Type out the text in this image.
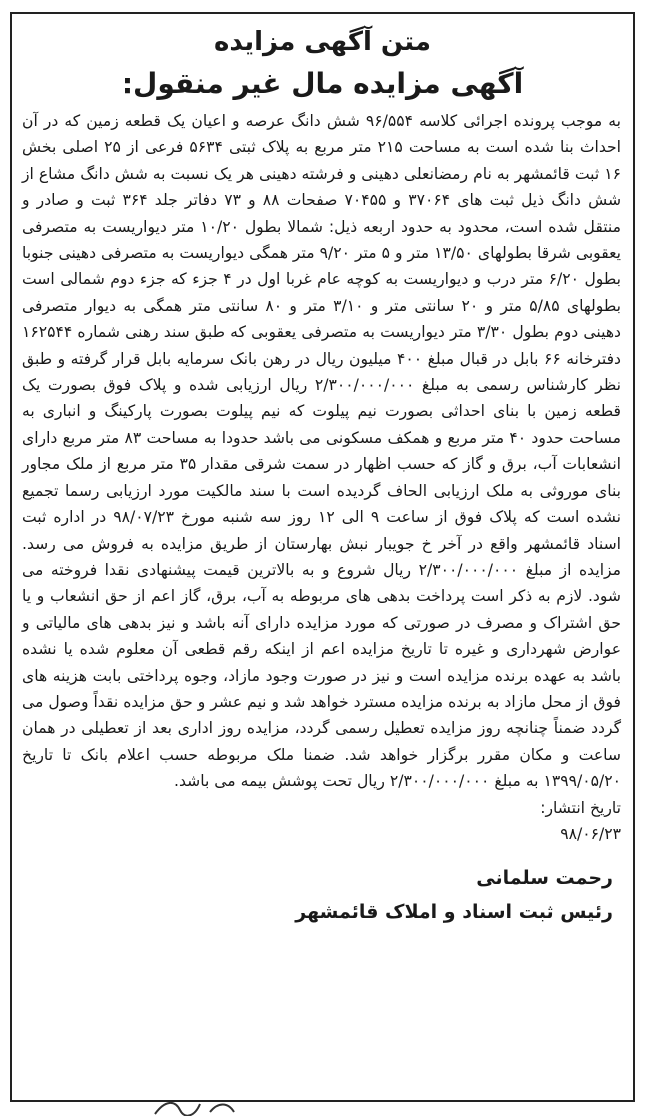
متن آگهی مزایده
آگهی مزایده مال غیر منقول:

به موجب پرونده اجرائی کلاسه ۹۶/۵۵۴ شش دانگ عرصه و اعیان یک قطعه زمین که در آن احداث بنا شده است به مساحت ۲۱۵ متر مربع به پلاک ثبتی ۵۶۳۴ فرعی از ۲۵ اصلی بخش ۱۶ ثبت قائمشهر به نام رمضانعلی دهینی و فرشته دهینی هر یک نسبت به شش دانگ مشاع از شش دانگ ذیل ثبت های ۳۷۰۶۴ و ۷۰۴۵۵ صفحات ۸۸ و ۷۳ دفاتر جلد ۳۶۴ ثبت و صادر و منتقل شده است، محدود به حدود اربعه ذیل: شمالا بطول ۱۰/۲۰ متر دیواریست به متصرفی یعقوبی شرقا بطولهای ۱۳/۵۰ متر و ۵ متر ۹/۲۰ متر همگی دیواریست به متصرفی دهینی جنوبا بطول ۶/۲۰ متر درب و دیواریست به کوچه عام غربا اول در ۴ جزء که جزء دوم شمالی است بطولهای ۵/۸۵ متر و ۲۰ سانتی متر و ۳/۱۰ متر و ۸۰ سانتی متر همگی به دیوار متصرفی دهینی دوم بطول ۳/۳۰ متر دیواریست به متصرفی یعقوبی که طبق سند رهنی شماره ۱۶۲۵۴۴ دفترخانه ۶۶ بابل در قبال مبلغ ۴۰۰ میلیون ریال در رهن بانک سرمایه بابل قرار گرفته و طبق نظر کارشناس رسمی به مبلغ ۲/۳۰۰/۰۰۰/۰۰۰ ریال ارزیابی شده و پلاک فوق بصورت یک قطعه زمین با بنای احداثی بصورت نیم پیلوت که نیم پیلوت بصورت پارکینگ و انباری به مساحت حدود ۴۰ متر مربع و همکف مسکونی می باشد حدودا به مساحت ۸۳ متر مربع دارای انشعابات آب، برق و گاز که حسب اظهار در سمت شرقی مقدار ۳۵ متر مربع از ملک مجاور بنای موروثی به ملک ارزیابی الحاف گردیده است با سند مالکیت مورد ارزیابی رسما تجمیع نشده است که پلاک فوق از ساعت ۹ الی ۱۲ روز سه شنبه مورخ ۹۸/۰۷/۲۳ در اداره ثبت اسناد قائمشهر واقع در آخر خ جویبار نبش بهارستان از طریق مزایده به فروش می رسد. مزایده از مبلغ ۲/۳۰۰/۰۰۰/۰۰۰ ریال شروع و به بالاترین قیمت پیشنهادی نقدا فروخته می شود. لازم به ذکر است پرداخت بدهی های مربوطه به آب، برق، گاز اعم از حق انشعاب و یا حق اشتراک و مصرف در صورتی که مورد مزایده دارای آنه باشد و نیز بدهی های مالیاتی و عوارض شهرداری و غیره تا تاریخ مزایده اعم از اینکه رقم قطعی آن معلوم شده یا نشده باشد به عهده برنده مزایده است و نیز در صورت وجود مازاد، وجوه پرداختی بابت هزینه های فوق از محل مازاد به برنده مزایده مسترد خواهد شد و نیم عشر و حق مزایده نقداً وصول می گردد ضمناً چنانچه روز مزایده تعطیل رسمی گردد، مزایده روز اداری بعد از تعطیلی در همان ساعت و مکان مقرر برگزار خواهد شد. ضمنا ملک مربوطه حسب اعلام بانک تا تاریخ ۱۳۹۹/۰۵/۲۰ به مبلغ ۲/۳۰۰/۰۰۰/۰۰۰ ریال تحت پوشش بیمه می باشد.

تاریخ انتشار:
۹۸/۰۶/۲۳

رحمت سلمانی

رئیس ثبت اسناد و املاک قائمشهر
